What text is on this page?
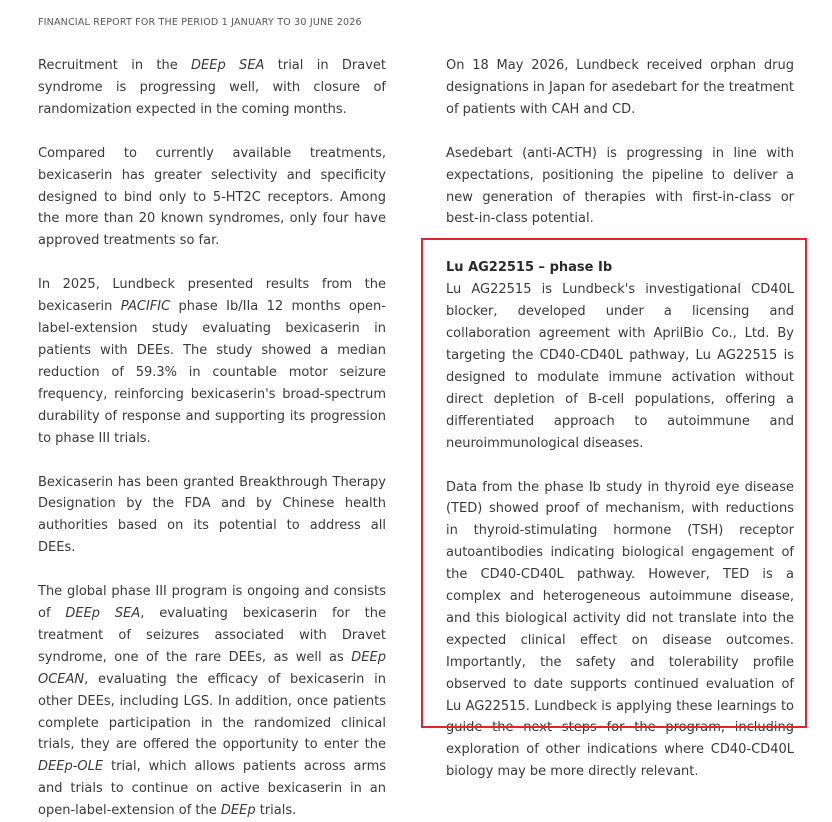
FINANCIAL REPORT FOR THE PERIOD 1 JANUARY TO 30 JUNE 2026

Recruitment in the DEEp SEA trial in Dravet syndrome is progressing well, with closure of randomization expected in the coming months.

Compared to currently available treatments, bexicaserin has greater selectivity and specificity designed to bind only to 5-HT2C receptors. Among the more than 20 known syndromes, only four have approved treatments so far.

In 2025, Lundbeck presented results from the bexicaserin PACIFIC phase Ib/IIa 12 months open-label-extension study evaluating bexicaserin in patients with DEEs. The study showed a median reduction of 59.3% in countable motor seizure frequency, reinforcing bexicaserin's broad-spectrum durability of response and supporting its progression to phase III trials.

Bexicaserin has been granted Breakthrough Therapy Designation by the FDA and by Chinese health authorities based on its potential to address all DEEs.

The global phase III program is ongoing and consists of DEEp SEA, evaluating bexicaserin for the treatment of seizures associated with Dravet syndrome, one of the rare DEEs, as well as DEEp OCEAN, evaluating the efficacy of bexicaserin in other DEEs, including LGS. In addition, once patients complete participation in the randomized clinical trials, they are offered the opportunity to enter the DEEp-OLE trial, which allows patients across arms and trials to continue on active bexicaserin in an open-label-extension of the DEEp trials.

On 18 May 2026, Lundbeck received orphan drug designations in Japan for asedebart for the treatment of patients with CAH and CD.

Asedebart (anti-ACTH) is progressing in line with expectations, positioning the pipeline to deliver a new generation of therapies with first-in-class or best-in-class potential.

Lu AG22515 – phase Ib

Lu AG22515 is Lundbeck's investigational CD40L blocker, developed under a licensing and collaboration agreement with AprilBio Co., Ltd. By targeting the CD40-CD40L pathway, Lu AG22515 is designed to modulate immune activation without direct depletion of B-cell populations, offering a differentiated approach to autoimmune and neuroimmunological diseases.

Data from the phase Ib study in thyroid eye disease (TED) showed proof of mechanism, with reductions in thyroid-stimulating hormone (TSH) receptor autoantibodies indicating biological engagement of the CD40-CD40L pathway. However, TED is a complex and heterogeneous autoimmune disease, and this biological activity did not translate into the expected clinical effect on disease outcomes. Importantly, the safety and tolerability profile observed to date supports continued evaluation of Lu AG22515. Lundbeck is applying these learnings to guide the next steps for the program, including exploration of other indications where CD40-CD40L biology may be more directly relevant.
